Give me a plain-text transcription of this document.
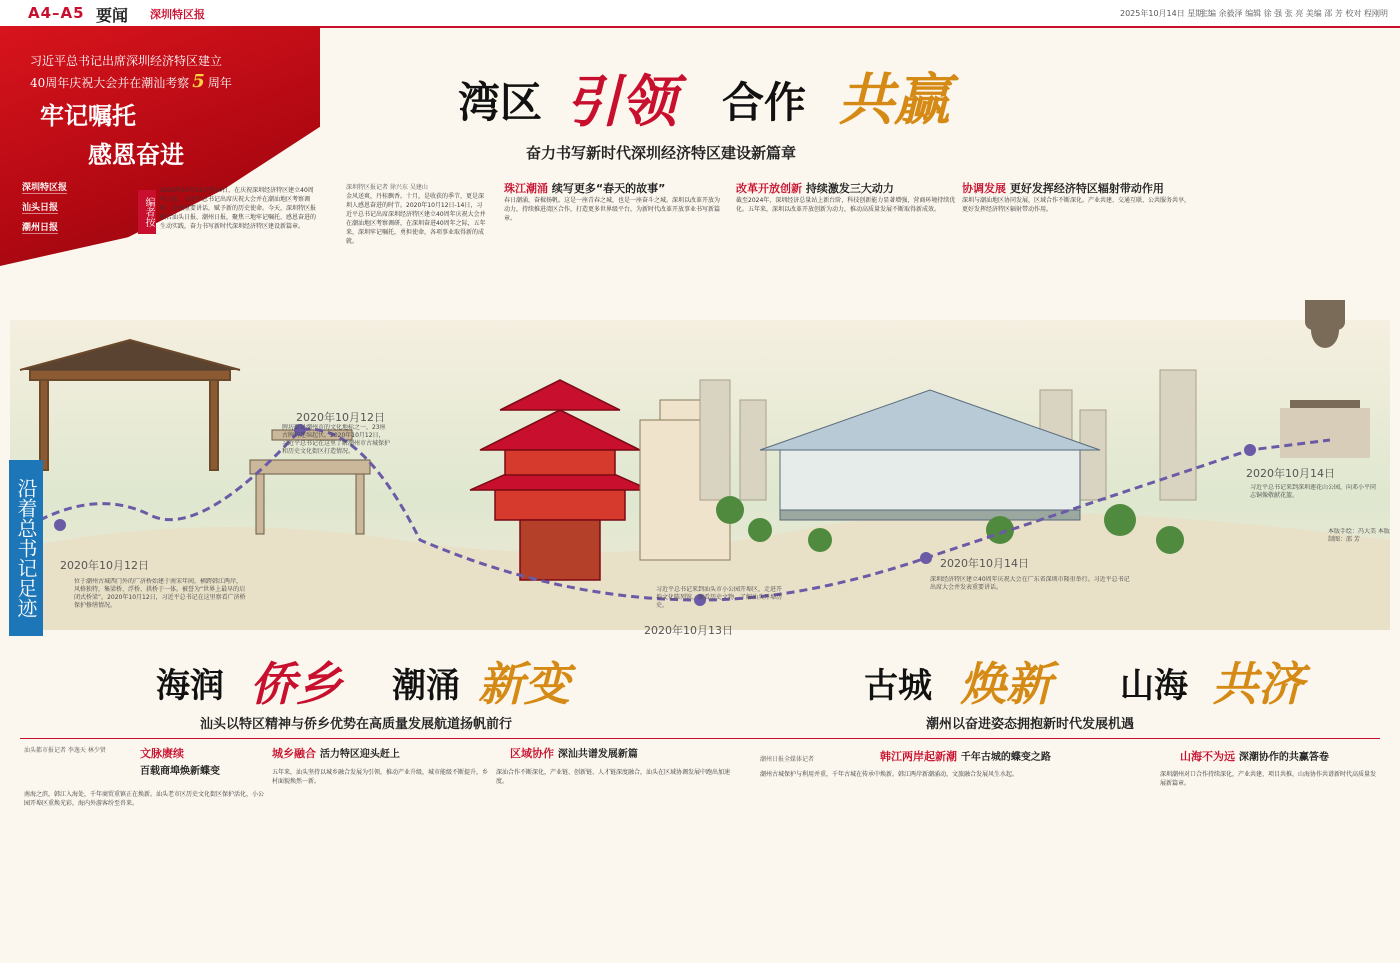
A4–A5 要闻 深圳特区报	2025年10月14日 星期二
主编 余毅泽 编辑 徐 强 张 亮 美编 邵 芳 校对 程刚明
习近平总书记出席深圳经济特区建立
40周年庆祝大会并在潮汕考察 5 周年
牢记嘱托
感恩奋进
深圳特区报
汕头日报
潮州日报
编者按
2020年10月12日至14日，在庆祝深圳经济特区建立40周年之际，习近平总书记出席庆祝大会并在潮汕地区考察调研，发表重要讲话，赋予新的历史使命。今天，深圳特区报联合汕头日报、潮州日报，聚焦三地牢记嘱托、感恩奋进的生动实践，奋力书写新时代深圳经济特区建设新篇章。
湾区 引领 合作 共赢
奋力书写新时代深圳经济特区建设新篇章
深圳特区报记者 徐兴东 吴建山
金风送爽，丹桂飘香。十月，是收获的季节，更是深圳人感恩奋进的时节。2020年10月12日-14日，习近平总书记出席深圳经济特区建立40周年庆祝大会并在潮汕地区考察调研，在深圳奋进40周年之际，五年来，深圳牢记嘱托，勇担使命，各项事业取得新的成就。
珠江潮涌 续写更多“春天的故事”
春日潮涌，奋楫扬帆。这是一座青春之城，也是一座奋斗之城。深圳以改革开放为动力，持续推进湾区合作，打造更多世界级平台，为新时代改革开放事业书写新篇章。
改革开放创新 持续激发三大动力
截至2024年，深圳经济总量站上新台阶，科技创新能力显著增强，营商环境持续优化。五年来，深圳以改革开放创新为动力，推动高质量发展不断取得新成效。
协调发展 更好发挥经济特区辐射带动作用
深圳与潮汕地区协同发展，区域合作不断深化。产业共建、交通互联、公共服务共享，更好发挥经济特区辐射带动作用。
沿着总书记足迹	2020年10月12日
2020年10月12日
2020年10月13日
2020年10月14日
2020年10月14日
位于潮州古城西门外的广济桥始建于南宋年间，横跨韩江两岸，风格独特，集梁桥、浮桥、拱桥于一体。被誉为“世界上最早的启闭式桥梁”。2020年10月12日，习近平总书记在这里察看广济桥保护修缮情况。
牌坊街是潮州市的文化地标之一，23座古牌坊连绵起伏。2020年10月12日，习近平总书记在这里了解潮州市古城保护和历史文化街区打造情况。
习近平总书记来到汕头市小公园开埠区，走进开埠文化陈列馆，察看历史文物，了解汕头开埠历史。
深圳经济特区建立40周年庆祝大会在广东省深圳市隆重举行。习近平总书记出席大会并发表重要讲话。
习近平总书记来到深圳莲花山公园，向邓小平同志铜像敬献花篮。
本版手绘：冯大美 本版制图：邵 芳
海润 侨乡 潮涌 新变
汕头以特区精神与侨乡优势在高质量发展航道扬帆前行
古城 焕新 山海 共济
潮州以奋进姿态拥抱新时代发展机遇
汕头都市报记者 李逸天 林少贤	文脉赓续
百载商埠焕新蝶变
南海之滨，韩江入海处，千年商贸重镇正在焕新。汕头老市区历史文化街区保护活化，小公园开埠区重焕光彩，海内外游客纷至沓来。
城乡融合 活力特区迎头赶上
五年来，汕头坚持以城乡融合发展为引领，推动产业升级，城市能级不断提升，乡村面貌焕然一新。
区域协作 深汕共谱发展新篇
深汕合作不断深化，产业链、创新链、人才链深度融合，汕头在区域协调发展中跑出加速度。
潮州日报全媒体记者	韩江两岸起新潮 千年古城的蝶变之路
潮州古城保护与利用并重，千年古城在传承中焕新。韩江两岸新潮涌动，文旅融合发展风生水起。
山海不为远 深潮协作的共赢答卷
深圳潮州对口合作持续深化，产业共建、项目共推，山海协作共谱新时代高质量发展新篇章。
